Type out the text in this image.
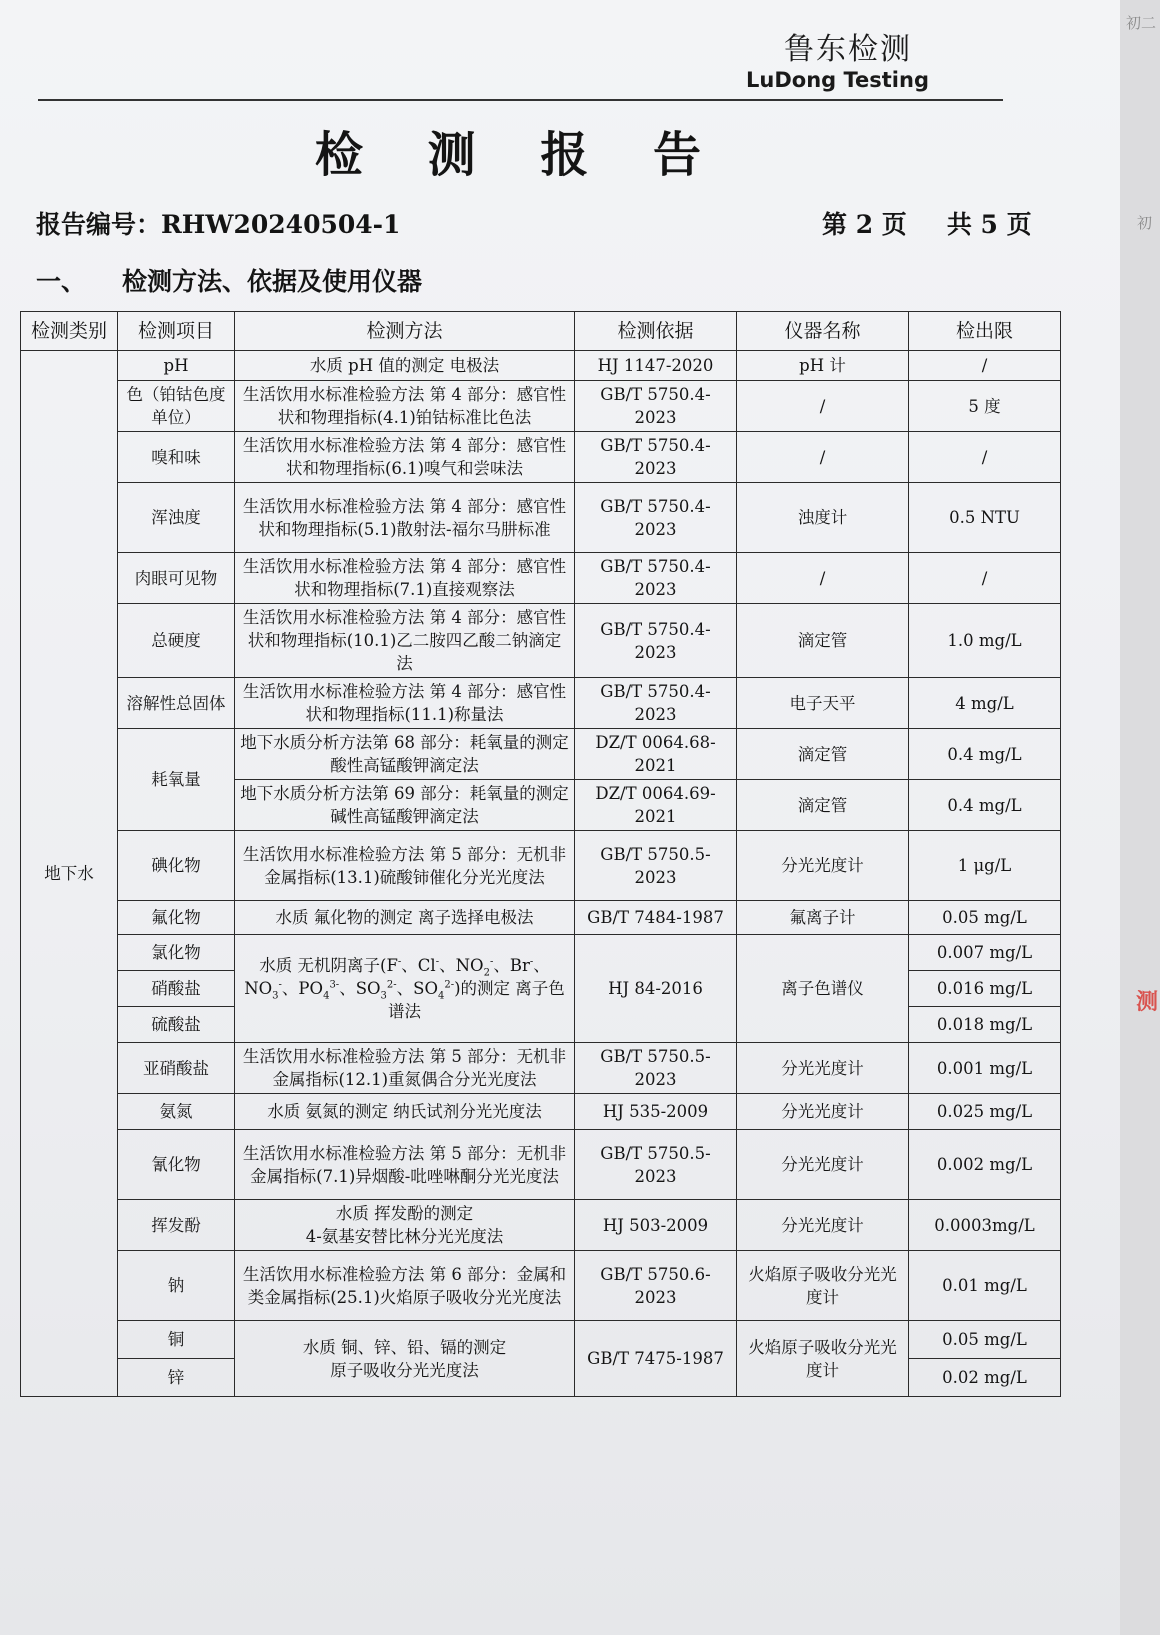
初二
初
测
鲁东检测
LuDong Testing
检 测 报 告
报告编号：RHW20240504-1	第 2 页 共 5 页
一、 检测方法、依据及使用仪器
检测类别	检测项目	检测方法	检测依据	仪器名称	检出限
地下水	pH	水质 pH 值的测定 电极法	HJ 1147-2020	pH 计	/
	色（铂钴色度单位）	生活饮用水标准检验方法 第 4 部分：感官性状和物理指标(4.1)铂钴标准比色法	GB/T 5750.4-2023	/	5 度
	嗅和味	生活饮用水标准检验方法 第 4 部分：感官性状和物理指标(6.1)嗅气和尝味法	GB/T 5750.4-2023	/	/
	浑浊度	生活饮用水标准检验方法 第 4 部分：感官性状和物理指标(5.1)散射法-福尔马肼标准	GB/T 5750.4-2023	浊度计	0.5 NTU
	肉眼可见物	生活饮用水标准检验方法 第 4 部分：感官性状和物理指标(7.1)直接观察法	GB/T 5750.4-2023	/	/
	总硬度	生活饮用水标准检验方法 第 4 部分：感官性状和物理指标(10.1)乙二胺四乙酸二钠滴定法	GB/T 5750.4-2023	滴定管	1.0 mg/L
	溶解性总固体	生活饮用水标准检验方法 第 4 部分：感官性状和物理指标(11.1)称量法	GB/T 5750.4-2023	电子天平	4 mg/L
	耗氧量	地下水质分析方法第 68 部分：耗氧量的测定 酸性高锰酸钾滴定法	DZ/T 0064.68-2021	滴定管	0.4 mg/L
		地下水质分析方法第 69 部分：耗氧量的测定 碱性高锰酸钾滴定法	DZ/T 0064.69-2021	滴定管	0.4 mg/L
	碘化物	生活饮用水标准检验方法 第 5 部分：无机非金属指标(13.1)硫酸铈催化分光光度法	GB/T 5750.5-2023	分光光度计	1 μg/L
	氟化物	水质 氟化物的测定 离子选择电极法	GB/T 7484-1987	氟离子计	0.05 mg/L
	氯化物	水质 无机阴离子(F-、Cl-、$NO_2^-$、Br-、$NO_3^-$、$PO_4^{3-}$、$SO_3^{2-}$、$SO_4^{2-}$)的测定 离子色谱法	HJ 84-2016	离子色谱仪	0.007 mg/L
	硝酸盐				0.016 mg/L
	硫酸盐				0.018 mg/L
	亚硝酸盐	生活饮用水标准检验方法 第 5 部分：无机非金属指标(12.1)重氮偶合分光光度法	GB/T 5750.5-2023	分光光度计	0.001 mg/L
	氨氮	水质 氨氮的测定 纳氏试剂分光光度法	HJ 535-2009	分光光度计	0.025 mg/L
	氰化物	生活饮用水标准检验方法 第 5 部分：无机非金属指标(7.1)异烟酸-吡唑啉酮分光光度法	GB/T 5750.5-2023	分光光度计	0.002 mg/L
	挥发酚	水质 挥发酚的测定
4-氨基安替比林分光光度法	HJ 503-2009	分光光度计	0.0003mg/L
	钠	生活饮用水标准检验方法 第 6 部分：金属和类金属指标(25.1)火焰原子吸收分光光度法	GB/T 5750.6-2023	火焰原子吸收分光光度计	0.01 mg/L
	铜	水质 铜、锌、铅、镉的测定
原子吸收分光光度法	GB/T 7475-1987	火焰原子吸收分光光度计	0.05 mg/L
	锌				0.02 mg/L
